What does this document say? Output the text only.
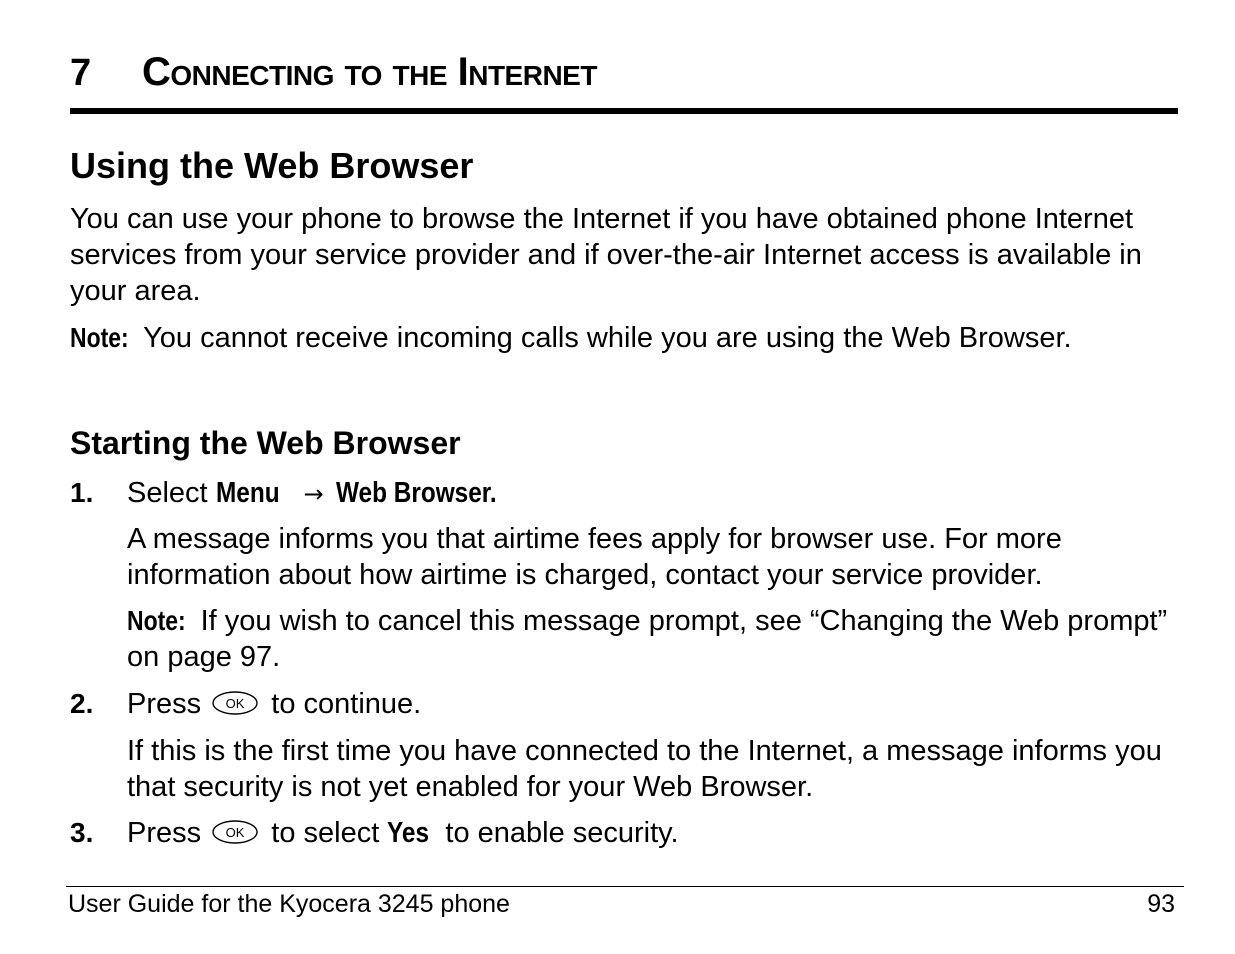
7 Connecting to the Internet
Using the Web Browser

You can use your phone to browse the Internet if you have obtained phone Internet services from your service provider and if over-the-air Internet access is available in your area.

Note: You cannot receive incoming calls while you are using the Web Browser.

Starting the Web Browser
1. Select Menu → Web Browser.

A message informs you that airtime fees apply for browser use. For more information about how airtime is charged, contact your service provider.

Note: If you wish to cancel this message prompt, see “Changing the Web prompt” on page 97.

2. Press OK to continue.

If this is the first time you have connected to the Internet, a message informs you that security is not yet enabled for your Web Browser.

3. Press OK to select Yes to enable security.
User Guide for the Kyocera 3245 phone	93
